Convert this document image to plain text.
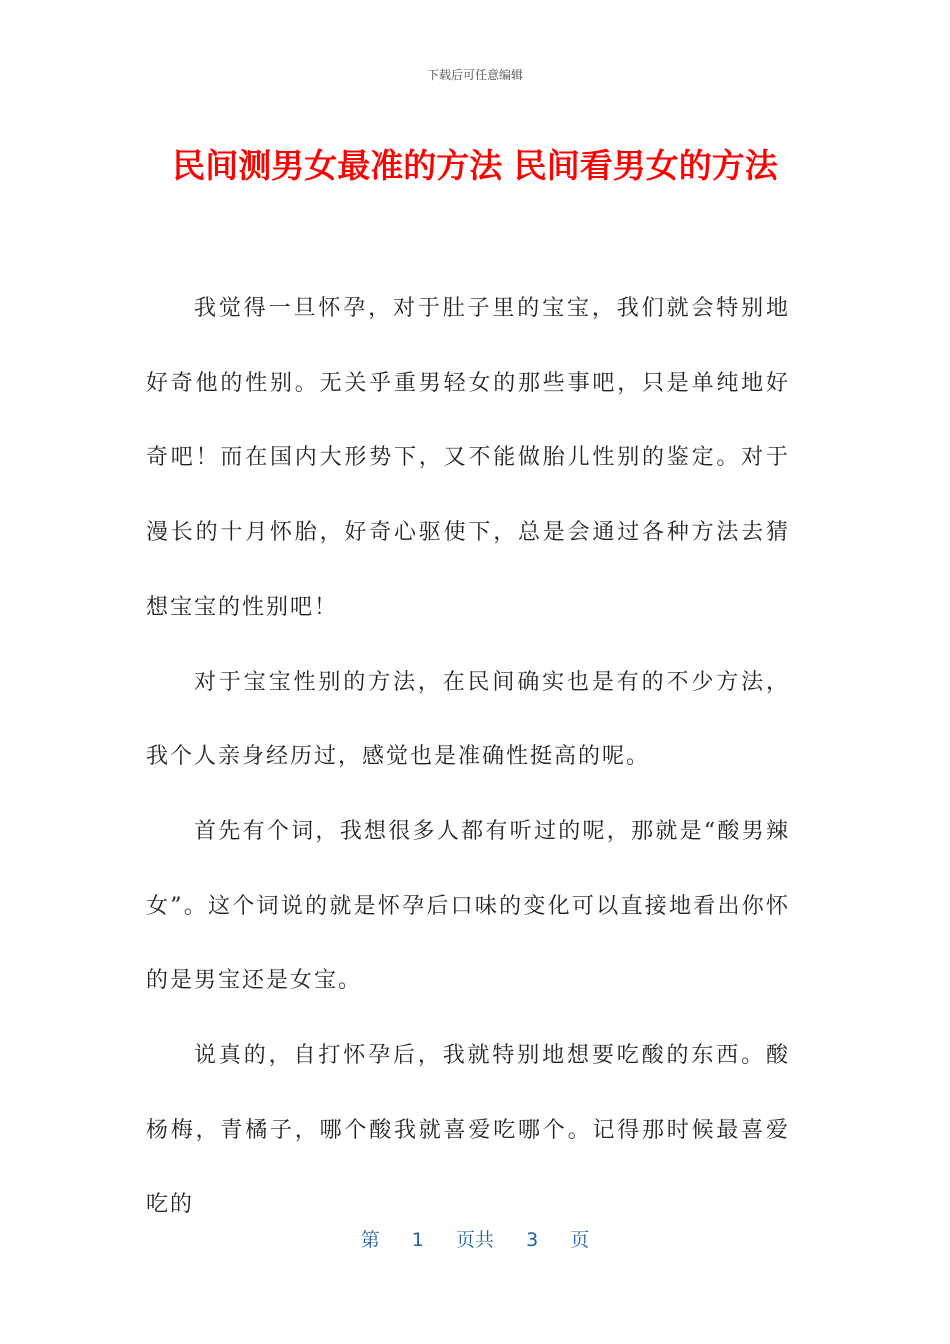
下载后可任意编辑
民间测男女最准的方法 民间看男女的方法

我觉得一旦怀孕，对于肚子里的宝宝，我们就会特别地好奇他的性别。无关乎重男轻女的那些事吧，只是单纯地好奇吧！而在国内大形势下，又不能做胎儿性别的鉴定。对于漫长的十月怀胎，好奇心驱使下，总是会通过各种方法去猜想宝宝的性别吧！

对于宝宝性别的方法，在民间确实也是有的不少方法，我个人亲身经历过，感觉也是准确性挺高的呢。

首先有个词，我想很多人都有听过的呢，那就是“酸男辣女”。这个词说的就是怀孕后口味的变化可以直接地看出你怀的是男宝还是女宝。

说真的，自打怀孕后，我就特别地想要吃酸的东西。酸杨梅，青橘子，哪个酸我就喜爱吃哪个。记得那时候最喜爱吃的

第 1 页共 3 页
